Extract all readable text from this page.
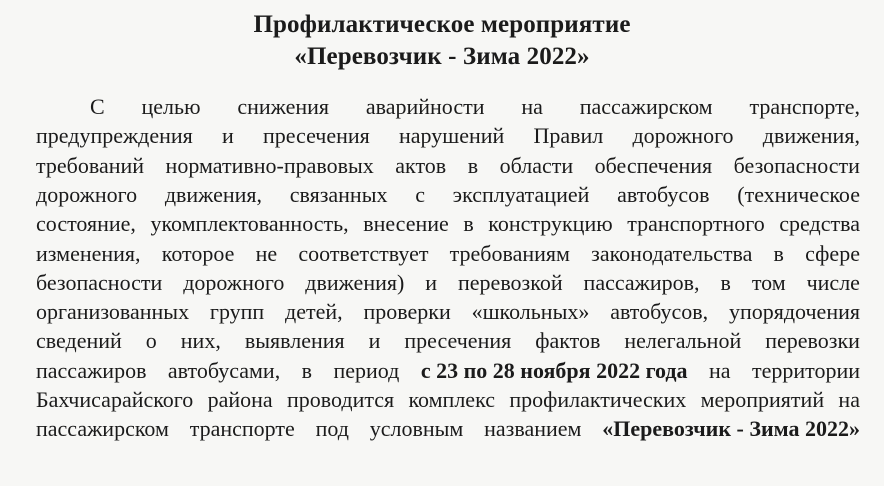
Профилактическое мероприятие
«Перевозчик - Зима 2022»
С целью снижения аварийности на пассажирском транспорте,
предупреждения и пресечения нарушений Правил дорожного движения,
требований нормативно-правовых актов в области обеспечения безопасности
дорожного движения, связанных с эксплуатацией автобусов (техническое
состояние, укомплектованность, внесение в конструкцию транспортного средства
изменения, которое не соответствует требованиям законодательства в сфере
безопасности дорожного движения) и перевозкой пассажиров, в том числе
организованных групп детей, проверки «школьных» автобусов, упорядочения
сведений о них, выявления и пресечения фактов нелегальной перевозки
пассажиров автобусами, в период с 23 по 28 ноября 2022 года на территории
Бахчисарайского района проводится комплекс профилактических мероприятий на
пассажирском транспорте под условным названием «Перевозчик - Зима 2022»
